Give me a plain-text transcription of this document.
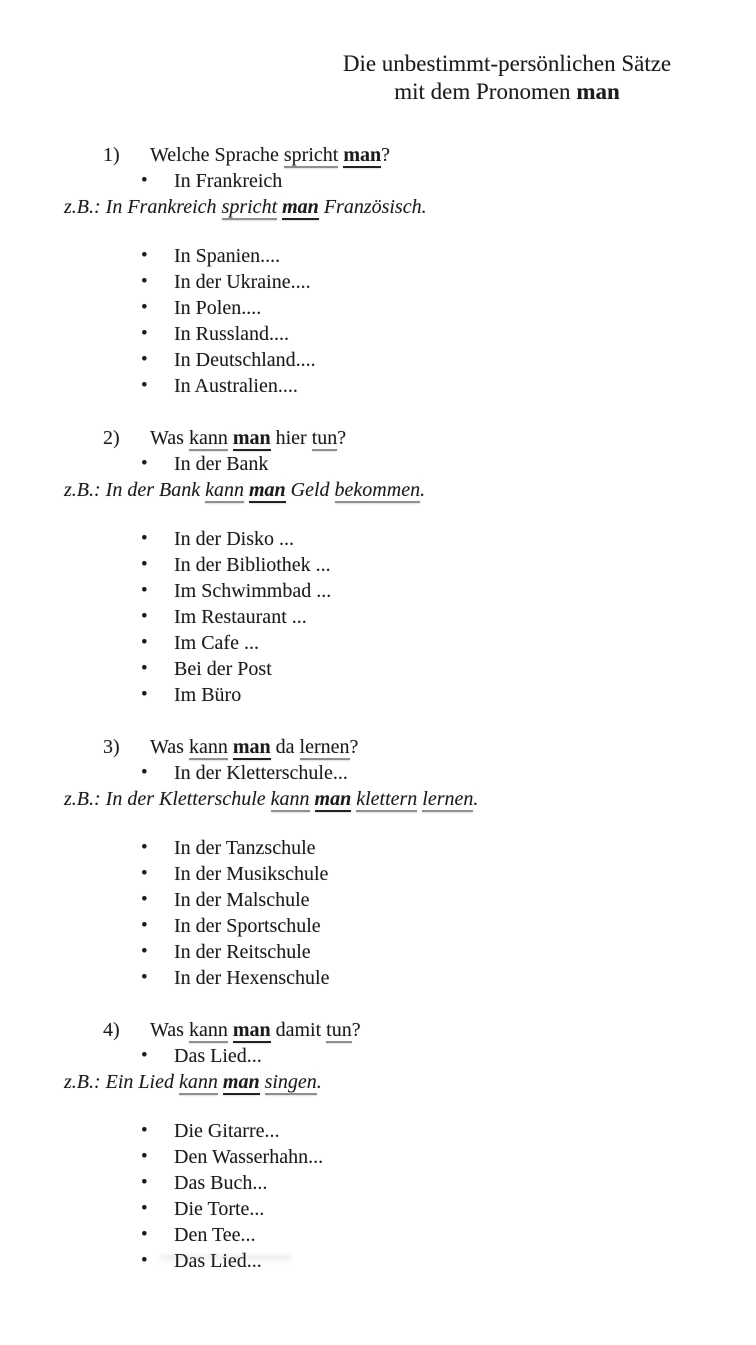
Die unbestimmt-persönlichen Sätze
mit dem Pronomen man
1)	Welche Sprache spricht man?
•	In Frankreich
z.B.: In Frankreich spricht man Französisch.
•	In Spanien....
•	In der Ukraine....
•	In Polen....
•	In Russland....
•	In Deutschland....
•	In Australien....
2)	Was kann man hier tun?
•	In der Bank
z.B.: In der Bank kann man Geld bekommen.
•	In der Disko ...
•	In der Bibliothek ...
•	Im Schwimmbad ...
•	Im Restaurant ...
•	Im Cafe ...
•	Bei der Post
•	Im Büro
3)	Was kann man da lernen?
•	In der Kletterschule...
z.B.: In der Kletterschule kann man klettern lernen.
•	In der Tanzschule
•	In der Musikschule
•	In der Malschule
•	In der Sportschule
•	In der Reitschule
•	In der Hexenschule
4)	Was kann man damit tun?
•	Das Lied...
z.B.: Ein Lied kann man singen.
•	Die Gitarre...
•	Den Wasserhahn...
•	Das Buch...
•	Die Torte...
•	Den Tee...
•	Das Lied...
